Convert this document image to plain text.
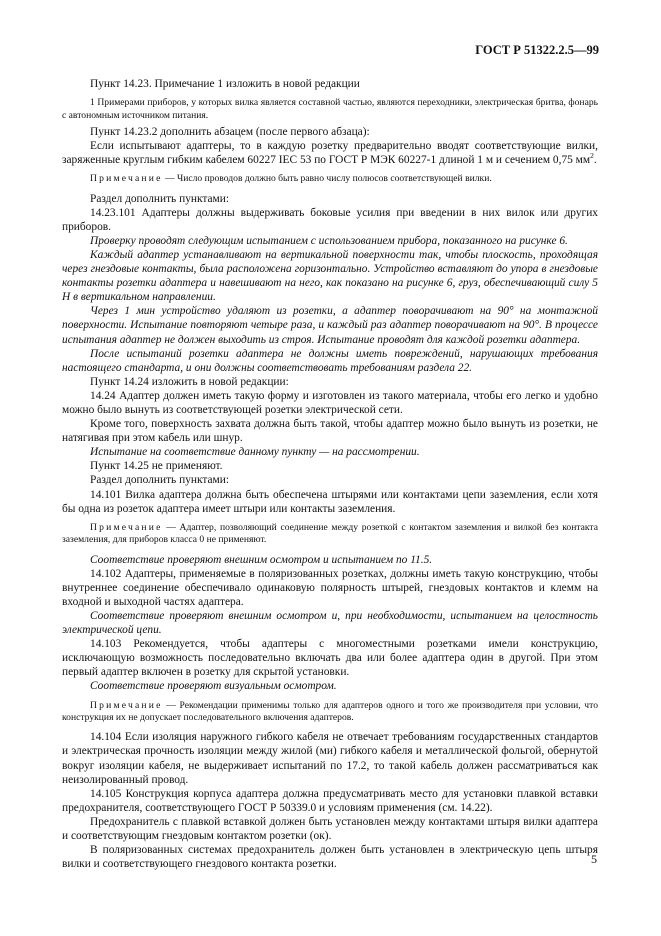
ГОСТ Р 51322.2.5—99

Пункт 14.23. Примечание 1 изложить в новой редакции

1 Примерами приборов, у которых вилка является составной частью, являются переходники, электрическая бритва, фонарь с автономным источником питания.

Пункт 14.23.2 дополнить абзацем (после первого абзаца):

Если испытывают адаптеры, то в каждую розетку предварительно вводят соответствующие вилки, заряженные круглым гибким кабелем 60227 IEC 53 по ГОСТ Р МЭК 60227-1 длиной 1 м и сечением 0,75 $мм^2$.

Примечание — Число проводов должно быть равно числу полюсов соответствующей вилки.

Раздел дополнить пунктами:

14.23.101 Адаптеры должны выдерживать боковые усилия при введении в них вилок или других приборов.

Проверку проводят следующим испытанием с использованием прибора, показанного на рисунке 6.

Каждый адаптер устанавливают на вертикальной поверхности так, чтобы плоскость, проходящая через гнездовые контакты, была расположена горизонтально. Устройство вставляют до упора в гнездовые контакты розетки адаптера и навешивают на него, как показано на рисунке 6, груз, обеспечивающий силу 5 Н в вертикальном направлении.

Через 1 мин устройство удаляют из розетки, а адаптер поворачивают на 90° на монтажной поверхности. Испытание повторяют четыре раза, и каждый раз адаптер поворачивают на 90°. В процессе испытания адаптер не должен выходить из строя. Испытание проводят для каждой розетки адаптера.

После испытаний розетки адаптера не должны иметь повреждений, нарушающих требования настоящего стандарта, и они должны соответствовать требованиям раздела 22.

Пункт 14.24 изложить в новой редакции:

14.24 Адаптер должен иметь такую форму и изготовлен из такого материала, чтобы его легко и удобно можно было вынуть из соответствующей розетки электрической сети.

Кроме того, поверхность захвата должна быть такой, чтобы адаптер можно было вынуть из розетки, не натягивая при этом кабель или шнур.

Испытание на соответствие данному пункту — на рассмотрении.

Пункт 14.25 не применяют.

Раздел дополнить пунктами:

14.101 Вилка адаптера должна быть обеспечена штырями или контактами цепи заземления, если хотя бы одна из розеток адаптера имеет штыри или контакты заземления.

Примечание — Адаптер, позволяющий соединение между розеткой с контактом заземления и вилкой без контакта заземления, для приборов класса 0 не применяют.

Соответствие проверяют внешним осмотром и испытанием по 11.5.

14.102 Адаптеры, применяемые в поляризованных розетках, должны иметь такую конструкцию, чтобы внутреннее соединение обеспечивало одинаковую полярность штырей, гнездовых контактов и клемм на входной и выходной частях адаптера.

Соответствие проверяют внешним осмотром и, при необходимости, испытанием на целостность электрической цепи.

14.103 Рекомендуется, чтобы адаптеры с многоместными розетками имели конструкцию, исключающую возможность последовательно включать два или более адаптера один в другой. При этом первый адаптер включен в розетку для скрытой установки.

Соответствие проверяют визуальным осмотром.

Примечание — Рекомендации применимы только для адаптеров одного и того же производителя при условии, что конструкция их не допускает последовательного включения адаптеров.

14.104 Если изоляция наружного гибкого кабеля не отвечает требованиям государственных стандартов и электрическая прочность изоляции между жилой (ми) гибкого кабеля и металлической фольгой, обернутой вокруг изоляции кабеля, не выдерживает испытаний по 17.2, то такой кабель должен рассматриваться как неизолированный провод.

14.105 Конструкция корпуса адаптера должна предусматривать место для установки плавкой вставки предохранителя, соответствующего ГОСТ Р 50339.0 и условиям применения (см. 14.22).

Предохранитель с плавкой вставкой должен быть установлен между контактами штыря вилки адаптера и соответствующим гнездовым контактом розетки (ок).

В поляризованных системах предохранитель должен быть установлен в электрическую цепь штыря вилки и соответствующего гнездового контакта розетки.	5
